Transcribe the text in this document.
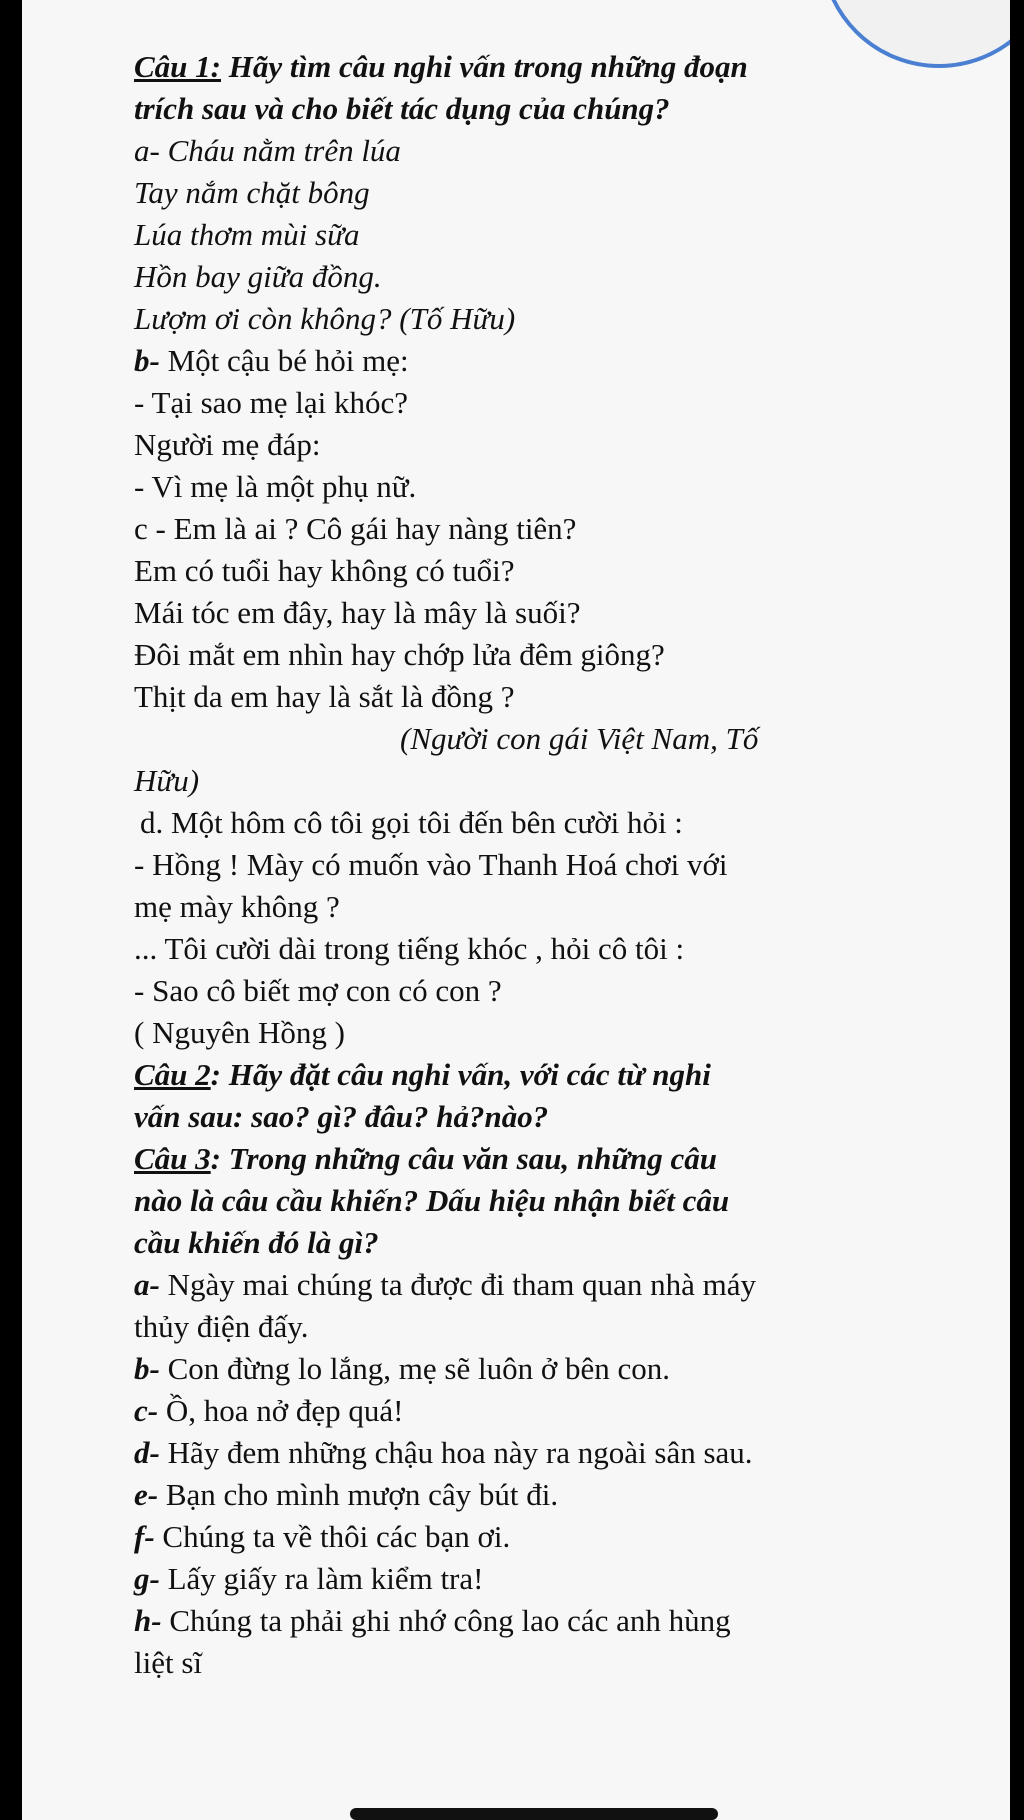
Câu 1: Hãy tìm câu nghi vấn trong những đoạn
trích sau và cho biết tác dụng của chúng?
a- Cháu nằm trên lúa
Tay nắm chặt bông
Lúa thơm mùi sữa
Hồn bay giữa đồng.
Lượm ơi còn không? (Tố Hữu)
b- Một cậu bé hỏi mẹ:
- Tại sao mẹ lại khóc?
Người mẹ đáp:
- Vì mẹ là một phụ nữ.
c - Em là ai ? Cô gái hay nàng tiên?
Em có tuổi hay không có tuổi?
Mái tóc em đây, hay là mây là suối?
Đôi mắt em nhìn hay chớp lửa đêm giông?
Thịt da em hay là sắt là đồng ?
(Người con gái Việt Nam, Tố
Hữu)
d. Một hôm cô tôi gọi tôi đến bên cười hỏi :
- Hồng ! Mày có muốn vào Thanh Hoá chơi với
mẹ mày không ?
... Tôi cười dài trong tiếng khóc , hỏi cô tôi :
- Sao cô biết mợ con có con ?
( Nguyên Hồng )
Câu 2: Hãy đặt câu nghi vấn, với các từ nghi
vấn sau: sao? gì? đâu? hả?nào?
Câu 3: Trong những câu văn sau, những câu
nào là câu cầu khiến? Dấu hiệu nhận biết câu
cầu khiến đó là gì?
a- Ngày mai chúng ta được đi tham quan nhà máy
thủy điện đấy.
b- Con đừng lo lắng, mẹ sẽ luôn ở bên con.
c- Ồ, hoa nở đẹp quá!
d- Hãy đem những chậu hoa này ra ngoài sân sau.
e- Bạn cho mình mượn cây bút đi.
f- Chúng ta về thôi các bạn ơi.
g- Lấy giấy ra làm kiểm tra!
h- Chúng ta phải ghi nhớ công lao các anh hùng
liệt sĩ
